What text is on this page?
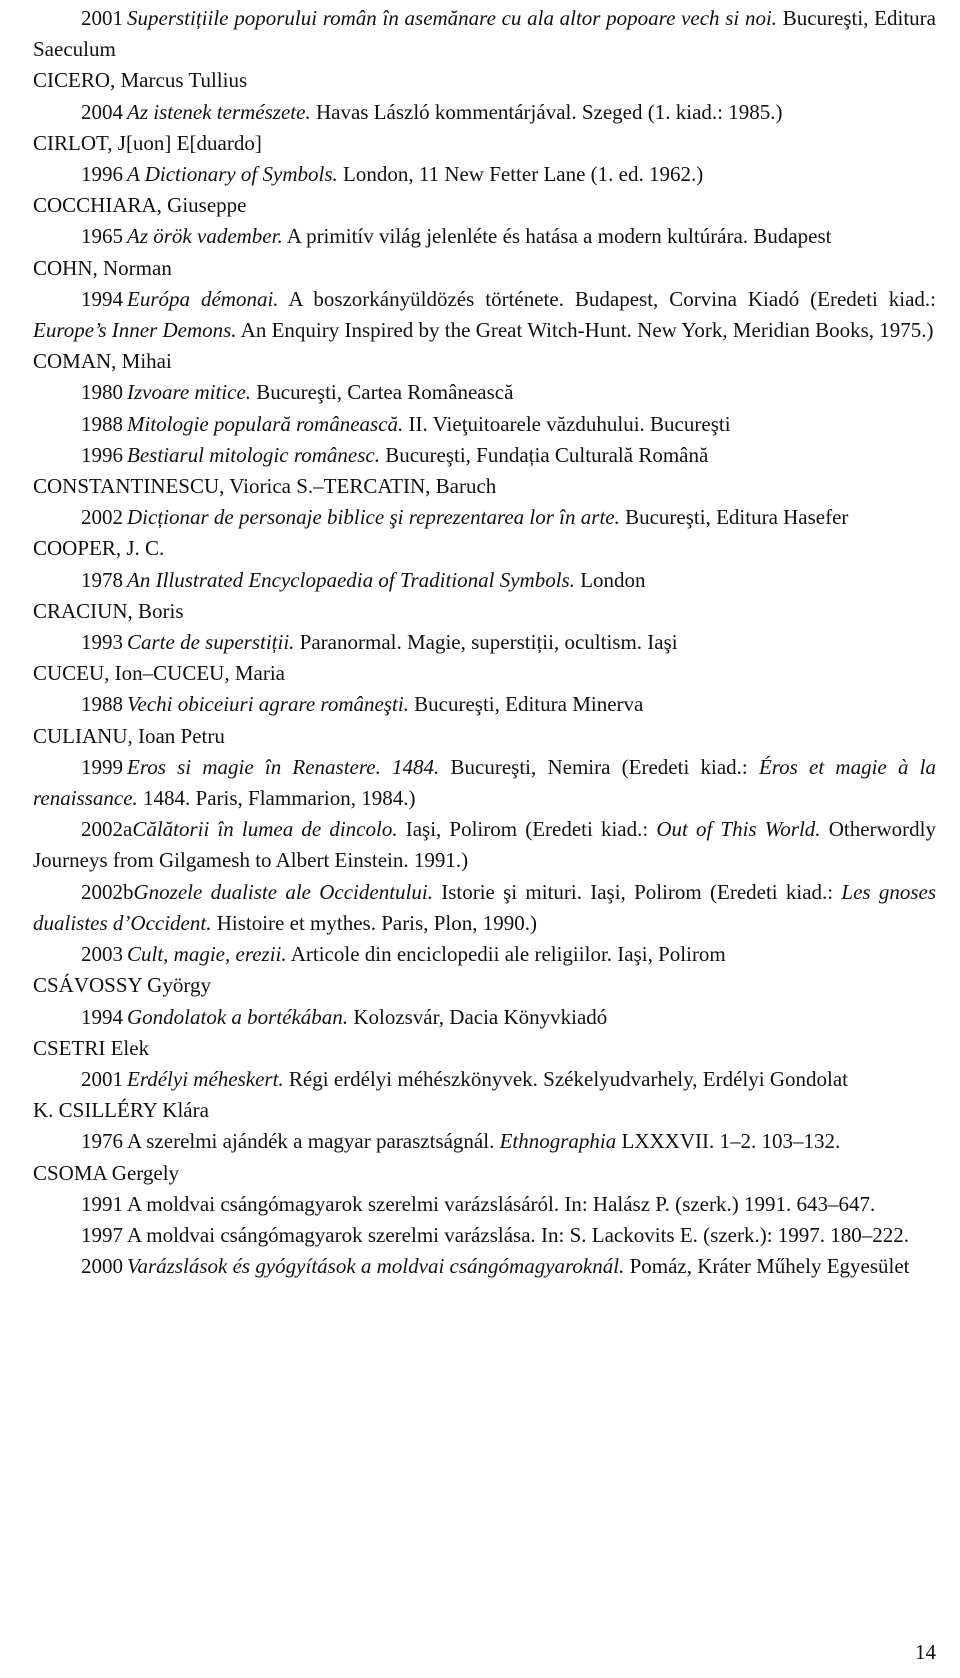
2001 Superstițiile poporului român în asemănare cu ala altor popoare vech si noi. Bucureşti, Editura Saeculum

CICERO, Marcus Tullius

2004 Az istenek természete. Havas László kommentárjával. Szeged (1. kiad.: 1985.)

CIRLOT, J[uon] E[duardo]

1996 A Dictionary of Symbols. London, 11 New Fetter Lane (1. ed. 1962.)

COCCHIARA, Giuseppe

1965 Az örök vadember. A primitív világ jelenléte és hatása a modern kultúrára. Budapest

COHN, Norman

1994 Európa démonai. A boszorkányüldözés története. Budapest, Corvina Kiadó (Eredeti kiad.: Europe’s Inner Demons. An Enquiry Inspired by the Great Witch-Hunt. New York, Meridian Books, 1975.)

COMAN, Mihai

1980 Izvoare mitice. Bucureşti, Cartea Românească

1988 Mitologie populară românească. II. Vieţuitoarele văzduhului. Bucureşti

1996 Bestiarul mitologic românesc. Bucureşti, Fundația Culturală Română

CONSTANTINESCU, Viorica S.–TERCATIN, Baruch

2002 Dicționar de personaje biblice şi reprezentarea lor în arte. Bucureşti, Editura Hasefer

COOPER, J. C.

1978 An Illustrated Encyclopaedia of Traditional Symbols. London

CRACIUN, Boris

1993 Carte de superstiții. Paranormal. Magie, superstiții, ocultism. Iaşi

CUCEU, Ion–CUCEU, Maria

1988 Vechi obiceiuri agrare româneşti. Bucureşti, Editura Minerva

CULIANU, Ioan Petru

1999 Eros si magie în Renastere. 1484. Bucureşti, Nemira (Eredeti kiad.: Éros et magie à la renaissance. 1484. Paris, Flammarion, 1984.)

2002aCălătorii în lumea de dincolo. Iaşi, Polirom (Eredeti kiad.: Out of This World. Otherwordly Journeys from Gilgamesh to Albert Einstein. 1991.)

2002bGnozele dualiste ale Occidentului. Istorie şi mituri. Iaşi, Polirom (Eredeti kiad.: Les gnoses dualistes d’Occident. Histoire et mythes. Paris, Plon, 1990.)

2003 Cult, magie, erezii. Articole din enciclopedii ale religiilor. Iaşi, Polirom

CSÁVOSSY György

1994 Gondolatok a bortékában. Kolozsvár, Dacia Könyvkiadó

CSETRI Elek

2001 Erdélyi méheskert. Régi erdélyi méhészkönyvek. Székelyudvarhely, Erdélyi Gondolat

K. CSILLÉRY Klára

1976 A szerelmi ajándék a magyar parasztságnál. Ethnographia LXXXVII. 1–2. 103–132.

CSOMA Gergely

1991 A moldvai csángómagyarok szerelmi varázslásáról. In: Halász P. (szerk.) 1991. 643–647.

1997 A moldvai csángómagyarok szerelmi varázslása. In: S. Lackovits E. (szerk.): 1997. 180–222.

2000 Varázslások és gyógyítások a moldvai csángómagyaroknál. Pomáz, Kráter Műhely Egyesület

14
